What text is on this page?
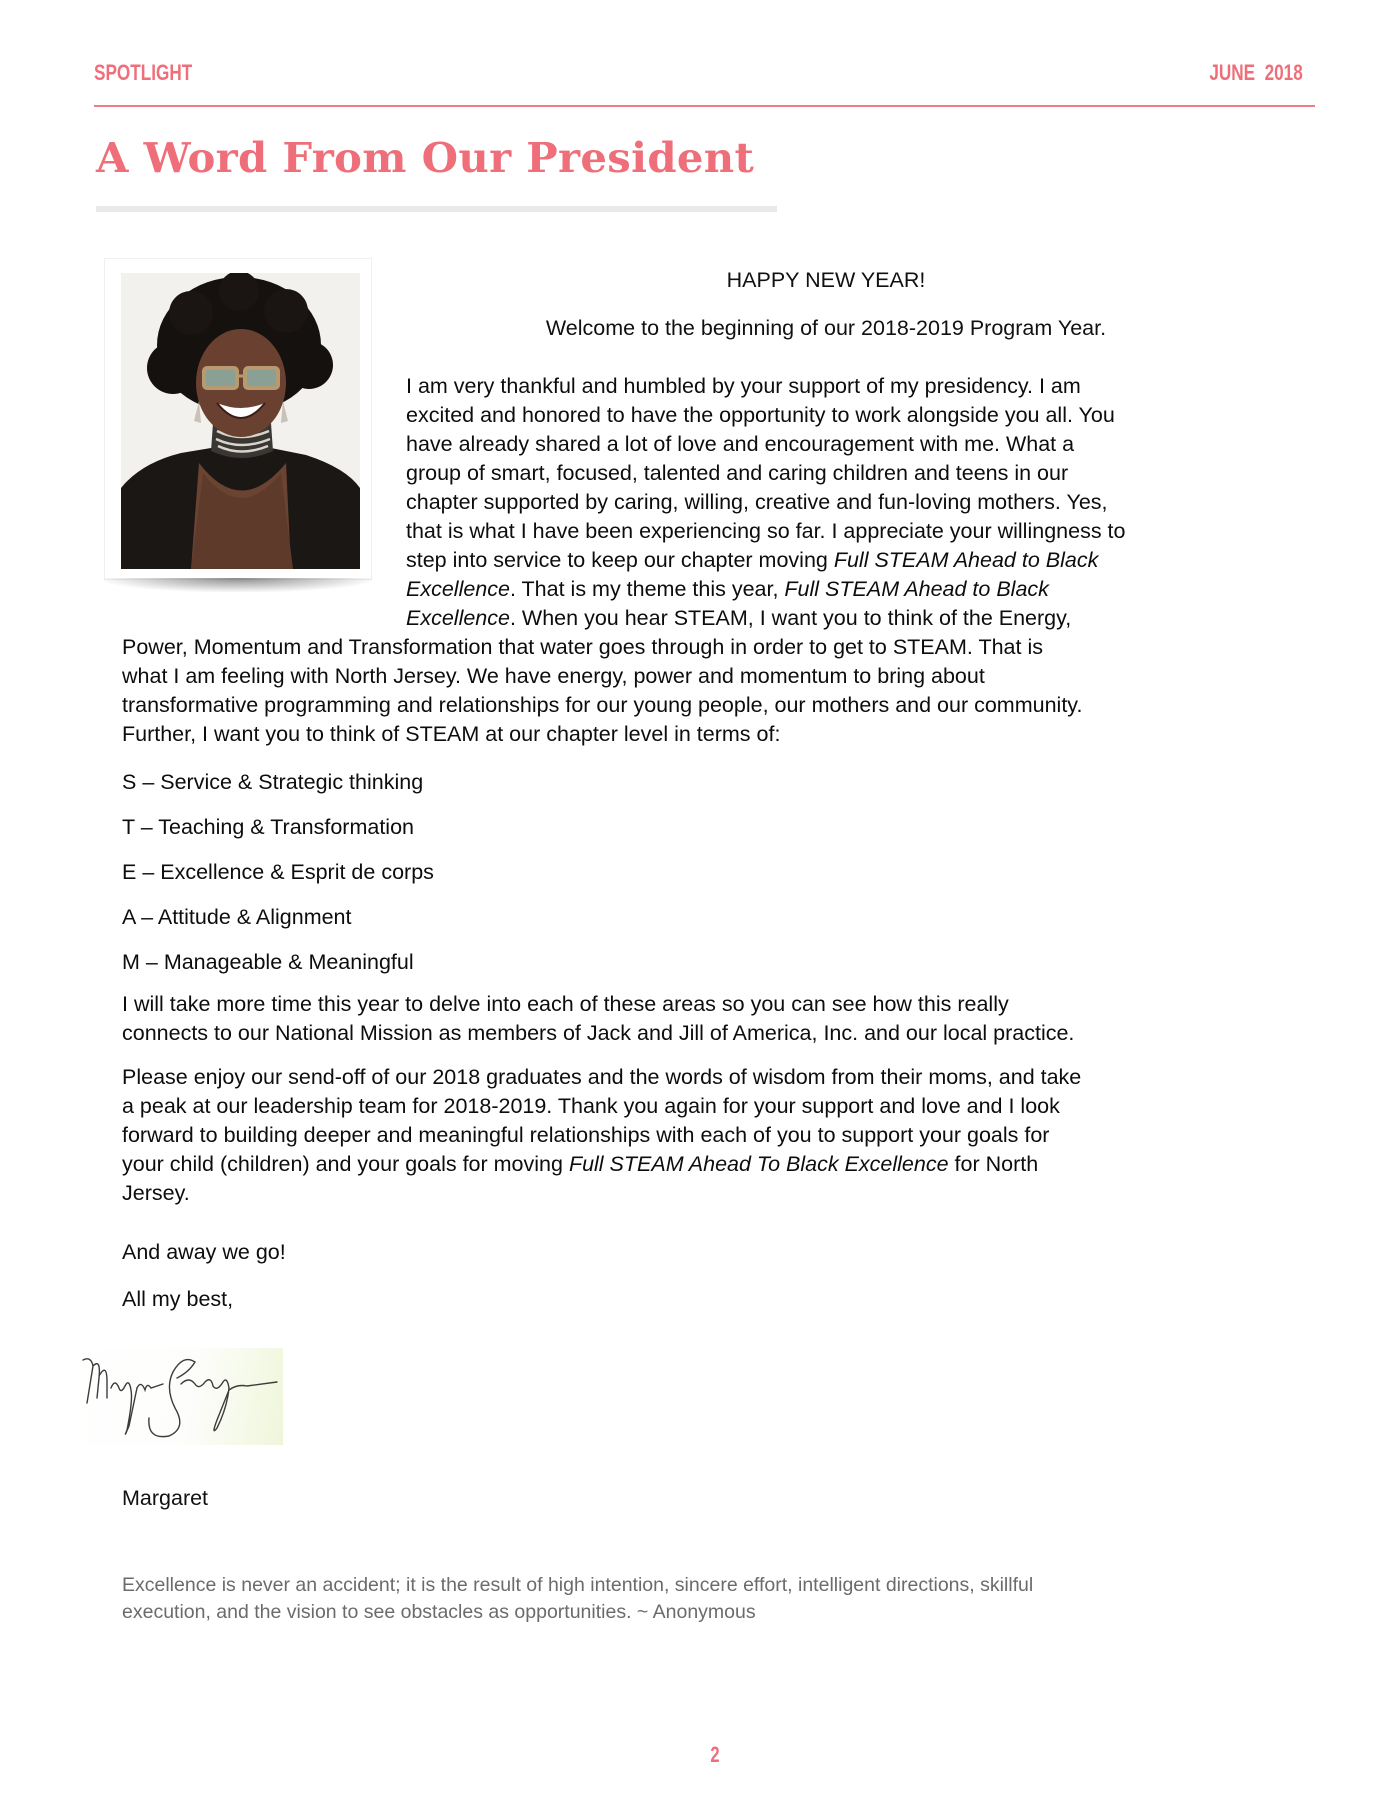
SPOTLIGHT	JUNE 2018
A Word From Our President
HAPPY NEW YEAR!
Welcome to the beginning of our 2018-2019 Program Year.
I am very thankful and humbled by your support of my presidency. I am
excited and honored to have the opportunity to work alongside you all. You
have already shared a lot of love and encouragement with me. What a
group of smart, focused, talented and caring children and teens in our
chapter supported by caring, willing, creative and fun-loving mothers. Yes,
that is what I have been experiencing so far. I appreciate your willingness to
step into service to keep our chapter moving Full STEAM Ahead to Black
Excellence. That is my theme this year, Full STEAM Ahead to Black
Excellence. When you hear STEAM, I want you to think of the Energy,
Power, Momentum and Transformation that water goes through in order to get to STEAM. That is
what I am feeling with North Jersey. We have energy, power and momentum to bring about
transformative programming and relationships for our young people, our mothers and our community.
Further, I want you to think of STEAM at our chapter level in terms of:
S – Service & Strategic thinking
T – Teaching & Transformation
E – Excellence & Esprit de corps
A – Attitude & Alignment
M – Manageable & Meaningful
I will take more time this year to delve into each of these areas so you can see how this really
connects to our National Mission as members of Jack and Jill of America, Inc. and our local practice.
Please enjoy our send-off of our 2018 graduates and the words of wisdom from their moms, and take
a peak at our leadership team for 2018-2019. Thank you again for your support and love and I look
forward to building deeper and meaningful relationships with each of you to support your goals for
your child (children) and your goals for moving Full STEAM Ahead To Black Excellence for North
Jersey.
And away we go!
All my best,
Margaret
Excellence is never an accident; it is the result of high intention, sincere effort, intelligent directions, skillful
execution, and the vision to see obstacles as opportunities. ~ Anonymous
2
